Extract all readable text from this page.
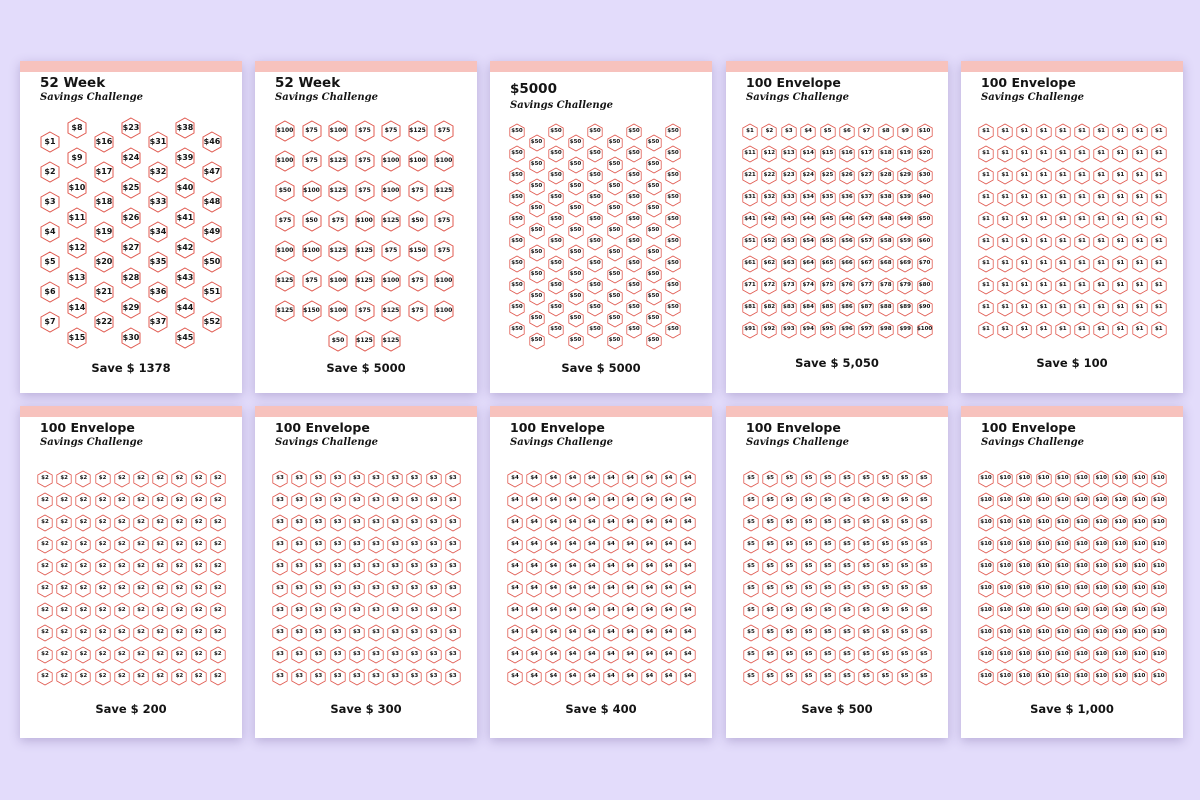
52 Week
Savings Challenge
$1
$2
$3
$4
$5
$6
$7
$8
$9
$10
$11
$12
$13
$14
$15
$16
$17
$18
$19
$20
$21
$22
$23
$24
$25
$26
$27
$28
$29
$30
$31
$32
$33
$34
$35
$36
$37
$38
$39
$40
$41
$42
$43
$44
$45
$46
$47
$48
$49
$50
$51
$52
Save $ 1378
52 Week
Savings Challenge
$100	$75	$100	$75	$75	$125	$75
$100	$75	$125	$75	$100	$100	$100
$50	$100	$125	$75	$100	$75	$125
$75	$50	$75	$100	$125	$50	$75
$100	$100	$125	$125	$75	$150	$75
$125	$75	$100	$125	$100	$75	$100
$125	$150	$100	$75	$125	$75	$100
$50	$125	$125
Save $ 5000
$5000
Savings Challenge
$50
$50
$50
$50
$50
$50
$50
$50
$50
$50
$50
$50
$50
$50
$50
$50
$50
$50
$50
$50
$50
$50
$50
$50
$50
$50
$50
$50
$50
$50
$50
$50
$50
$50
$50
$50
$50
$50
$50
$50
$50
$50
$50
$50
$50
$50
$50
$50
$50
$50
$50
$50
$50
$50
$50
$50
$50
$50
$50
$50
$50
$50
$50
$50
$50
$50
$50
$50
$50
$50
$50
$50
$50
$50
$50
$50
$50
$50
$50
$50
$50
$50
$50
$50
$50
$50
$50
$50
$50
$50
Save $ 5000
100 Envelope
Savings Challenge
$1	$2	$3	$4	$5	$6	$7	$8	$9	$10
$11	$12	$13	$14	$15	$16	$17	$18	$19	$20
$21	$22	$23	$24	$25	$26	$27	$28	$29	$30
$31	$32	$33	$34	$35	$36	$37	$38	$39	$40
$41	$42	$43	$44	$45	$46	$47	$48	$49	$50
$51	$52	$53	$54	$55	$56	$57	$58	$59	$60
$61	$62	$63	$64	$65	$66	$67	$68	$69	$70
$71	$72	$73	$74	$75	$76	$77	$78	$79	$80
$81	$82	$83	$84	$85	$86	$87	$88	$89	$90
$91	$92	$93	$94	$95	$96	$97	$98	$99	$100
Save $ 5,050
100 Envelope
Savings Challenge
$1	$1	$1	$1	$1	$1	$1	$1	$1	$1
$1	$1	$1	$1	$1	$1	$1	$1	$1	$1
$1	$1	$1	$1	$1	$1	$1	$1	$1	$1
$1	$1	$1	$1	$1	$1	$1	$1	$1	$1
$1	$1	$1	$1	$1	$1	$1	$1	$1	$1
$1	$1	$1	$1	$1	$1	$1	$1	$1	$1
$1	$1	$1	$1	$1	$1	$1	$1	$1	$1
$1	$1	$1	$1	$1	$1	$1	$1	$1	$1
$1	$1	$1	$1	$1	$1	$1	$1	$1	$1
$1	$1	$1	$1	$1	$1	$1	$1	$1	$1
Save $ 100
100 Envelope
Savings Challenge
$2	$2	$2	$2	$2	$2	$2	$2	$2	$2
$2	$2	$2	$2	$2	$2	$2	$2	$2	$2
$2	$2	$2	$2	$2	$2	$2	$2	$2	$2
$2	$2	$2	$2	$2	$2	$2	$2	$2	$2
$2	$2	$2	$2	$2	$2	$2	$2	$2	$2
$2	$2	$2	$2	$2	$2	$2	$2	$2	$2
$2	$2	$2	$2	$2	$2	$2	$2	$2	$2
$2	$2	$2	$2	$2	$2	$2	$2	$2	$2
$2	$2	$2	$2	$2	$2	$2	$2	$2	$2
$2	$2	$2	$2	$2	$2	$2	$2	$2	$2
Save $ 200
100 Envelope
Savings Challenge
$3	$3	$3	$3	$3	$3	$3	$3	$3	$3
$3	$3	$3	$3	$3	$3	$3	$3	$3	$3
$3	$3	$3	$3	$3	$3	$3	$3	$3	$3
$3	$3	$3	$3	$3	$3	$3	$3	$3	$3
$3	$3	$3	$3	$3	$3	$3	$3	$3	$3
$3	$3	$3	$3	$3	$3	$3	$3	$3	$3
$3	$3	$3	$3	$3	$3	$3	$3	$3	$3
$3	$3	$3	$3	$3	$3	$3	$3	$3	$3
$3	$3	$3	$3	$3	$3	$3	$3	$3	$3
$3	$3	$3	$3	$3	$3	$3	$3	$3	$3
Save $ 300
100 Envelope
Savings Challenge
$4	$4	$4	$4	$4	$4	$4	$4	$4	$4
$4	$4	$4	$4	$4	$4	$4	$4	$4	$4
$4	$4	$4	$4	$4	$4	$4	$4	$4	$4
$4	$4	$4	$4	$4	$4	$4	$4	$4	$4
$4	$4	$4	$4	$4	$4	$4	$4	$4	$4
$4	$4	$4	$4	$4	$4	$4	$4	$4	$4
$4	$4	$4	$4	$4	$4	$4	$4	$4	$4
$4	$4	$4	$4	$4	$4	$4	$4	$4	$4
$4	$4	$4	$4	$4	$4	$4	$4	$4	$4
$4	$4	$4	$4	$4	$4	$4	$4	$4	$4
Save $ 400
100 Envelope
Savings Challenge
$5	$5	$5	$5	$5	$5	$5	$5	$5	$5
$5	$5	$5	$5	$5	$5	$5	$5	$5	$5
$5	$5	$5	$5	$5	$5	$5	$5	$5	$5
$5	$5	$5	$5	$5	$5	$5	$5	$5	$5
$5	$5	$5	$5	$5	$5	$5	$5	$5	$5
$5	$5	$5	$5	$5	$5	$5	$5	$5	$5
$5	$5	$5	$5	$5	$5	$5	$5	$5	$5
$5	$5	$5	$5	$5	$5	$5	$5	$5	$5
$5	$5	$5	$5	$5	$5	$5	$5	$5	$5
$5	$5	$5	$5	$5	$5	$5	$5	$5	$5
Save $ 500
100 Envelope
Savings Challenge
$10	$10	$10	$10	$10	$10	$10	$10	$10	$10
$10	$10	$10	$10	$10	$10	$10	$10	$10	$10
$10	$10	$10	$10	$10	$10	$10	$10	$10	$10
$10	$10	$10	$10	$10	$10	$10	$10	$10	$10
$10	$10	$10	$10	$10	$10	$10	$10	$10	$10
$10	$10	$10	$10	$10	$10	$10	$10	$10	$10
$10	$10	$10	$10	$10	$10	$10	$10	$10	$10
$10	$10	$10	$10	$10	$10	$10	$10	$10	$10
$10	$10	$10	$10	$10	$10	$10	$10	$10	$10
$10	$10	$10	$10	$10	$10	$10	$10	$10	$10
Save $ 1,000
